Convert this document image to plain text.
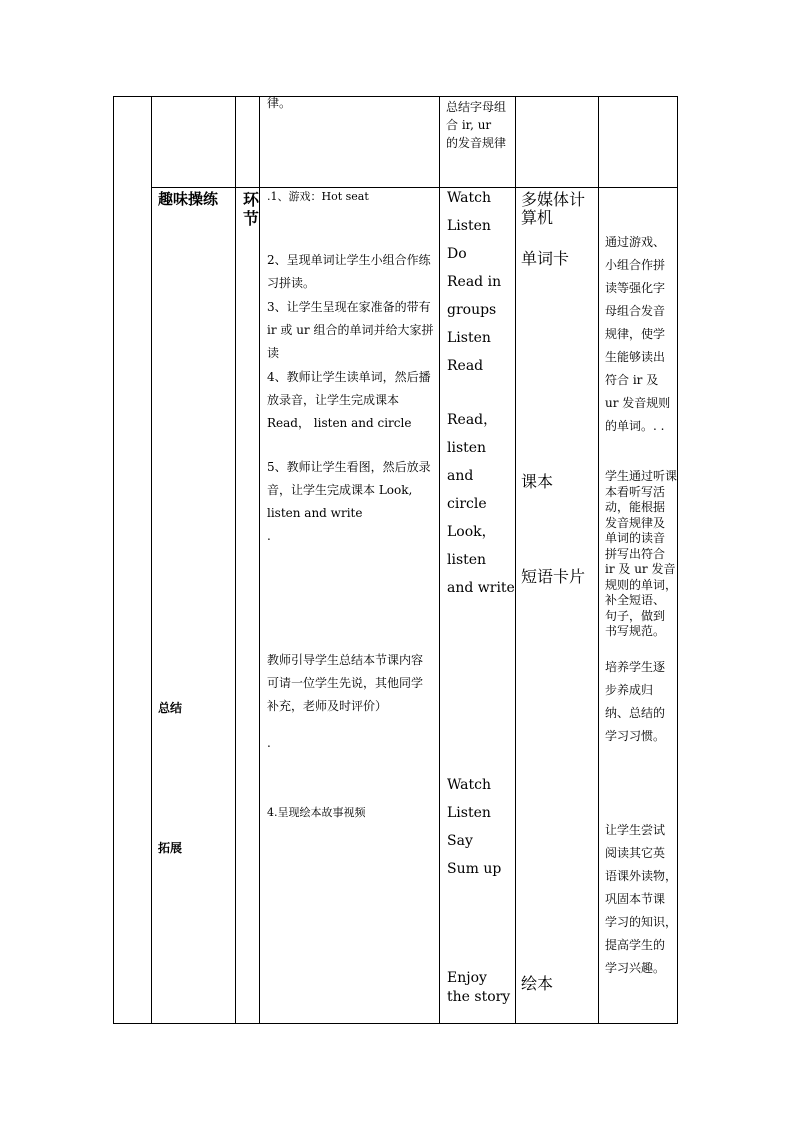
律。	总结字母组
合 ir, ur
的发音规律
趣味操练 环
节
总结
拓展
.1、游戏：Hot seat
2、呈现单词让学生小组合作练
习拼读。
3、让学生呈现在家准备的带有
ir 或 ur 组合的单词并给大家拼
读
4、教师让学生读单词，然后播
放录音，让学生完成课本
Read， listen and circle
5、教师让学生看图，然后放录
音，让学生完成课本 Look,
listen and write
.
教师引导学生总结本节课内容
可请一位学生先说，其他同学
补充，老师及时评价）
.
4.呈现绘本故事视频
Watch
Listen
Do
Read in
groups
Listen
Read
Read，
listen
and
circle
Look，
listen
and write
Watch
Listen
Say
Sum up
Enjoy
the story
多媒体计
算机
单词卡
课本
短语卡片
绘本
通过游戏、
小组合作拼
读等强化字
母组合发音
规律，使学
生能够读出
符合 ir 及
ur 发音规则
的单词。. .
学生通过听课
本看听写活
动，能根据
发音规律及
单词的读音
拼写出符合
ir 及 ur 发音
规则的单词，
补全短语、
句子，做到
书写规范。
培养学生逐
步养成归
纳、总结的
学习习惯。
让学生尝试
阅读其它英
语课外读物，
巩固本节课
学习的知识，
提高学生的
学习兴趣。
